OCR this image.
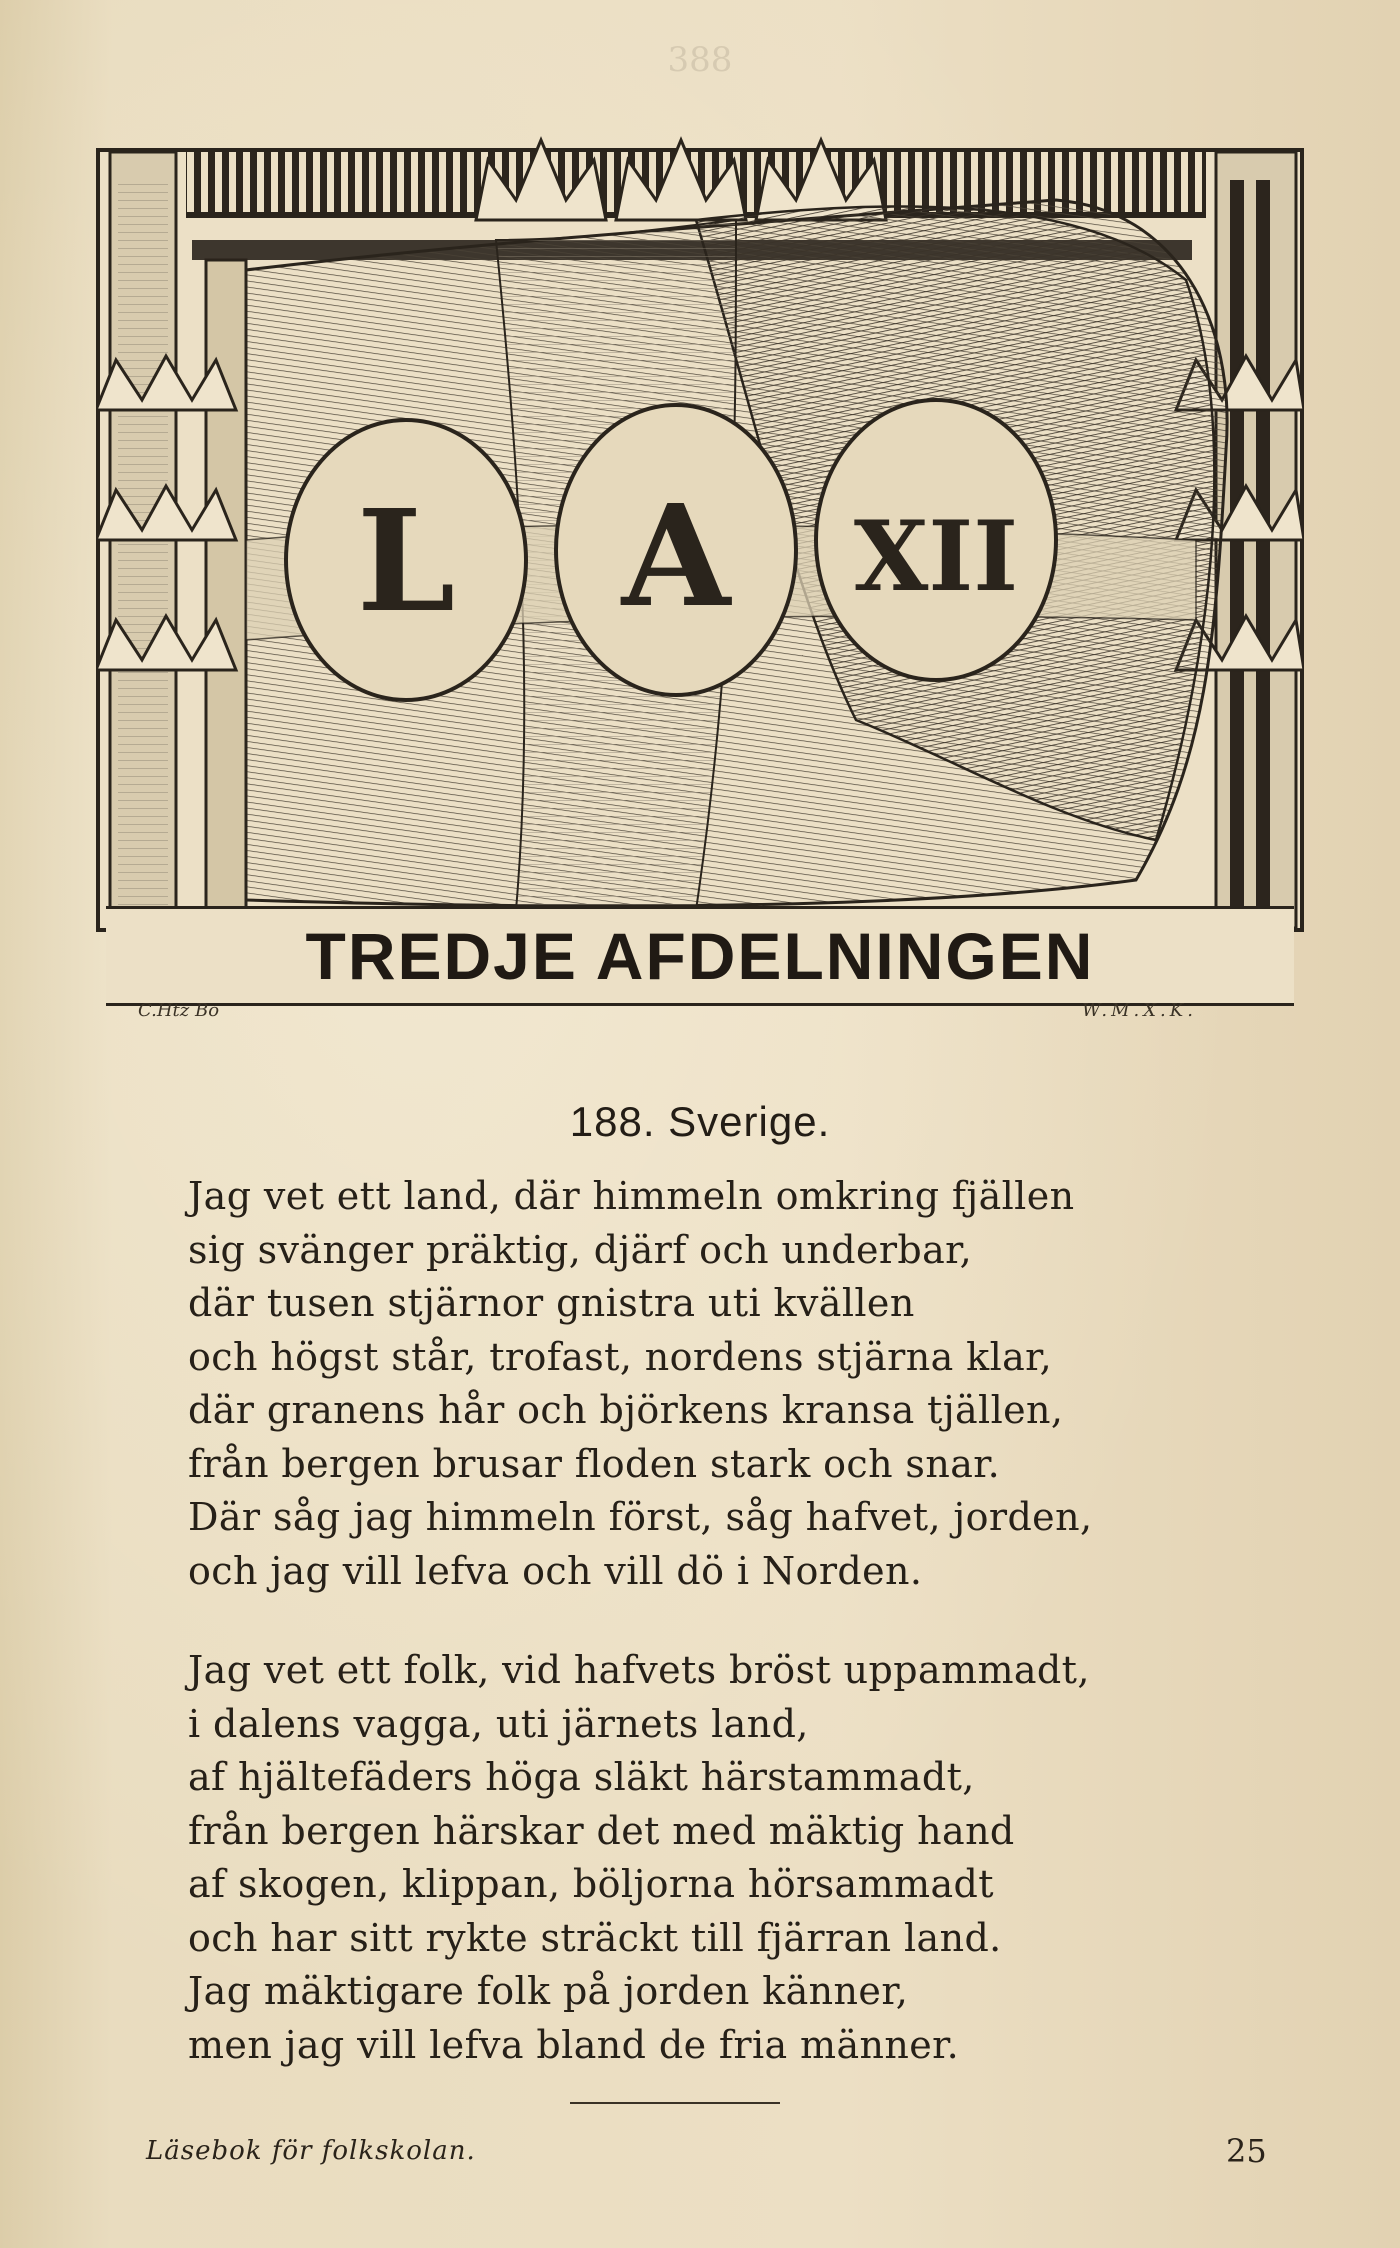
388
L A XII
TREDJE AFDELNINGEN
C.Htz Bo	W.M.X.K.
188. Sverige.
Jag vet ett land, där himmeln omkring fjällen
sig svänger präktig, djärf och underbar,
där tusen stjärnor gnistra uti kvällen
och högst står, trofast, nordens stjärna klar,
där granens hår och björkens kransa tjällen,
från bergen brusar floden stark och snar.
Där såg jag himmeln först, såg hafvet, jorden,
och jag vill lefva och vill dö i Norden.
Jag vet ett folk, vid hafvets bröst uppammadt,
i dalens vagga, uti järnets land,
af hjältefäders höga släkt härstammadt,
från bergen härskar det med mäktig hand
af skogen, klippan, böljorna hörsammadt
och har sitt rykte sträckt till fjärran land.
Jag mäktigare folk på jorden känner,
men jag vill lefva bland de fria männer.
Läsebok för folkskolan.	25
